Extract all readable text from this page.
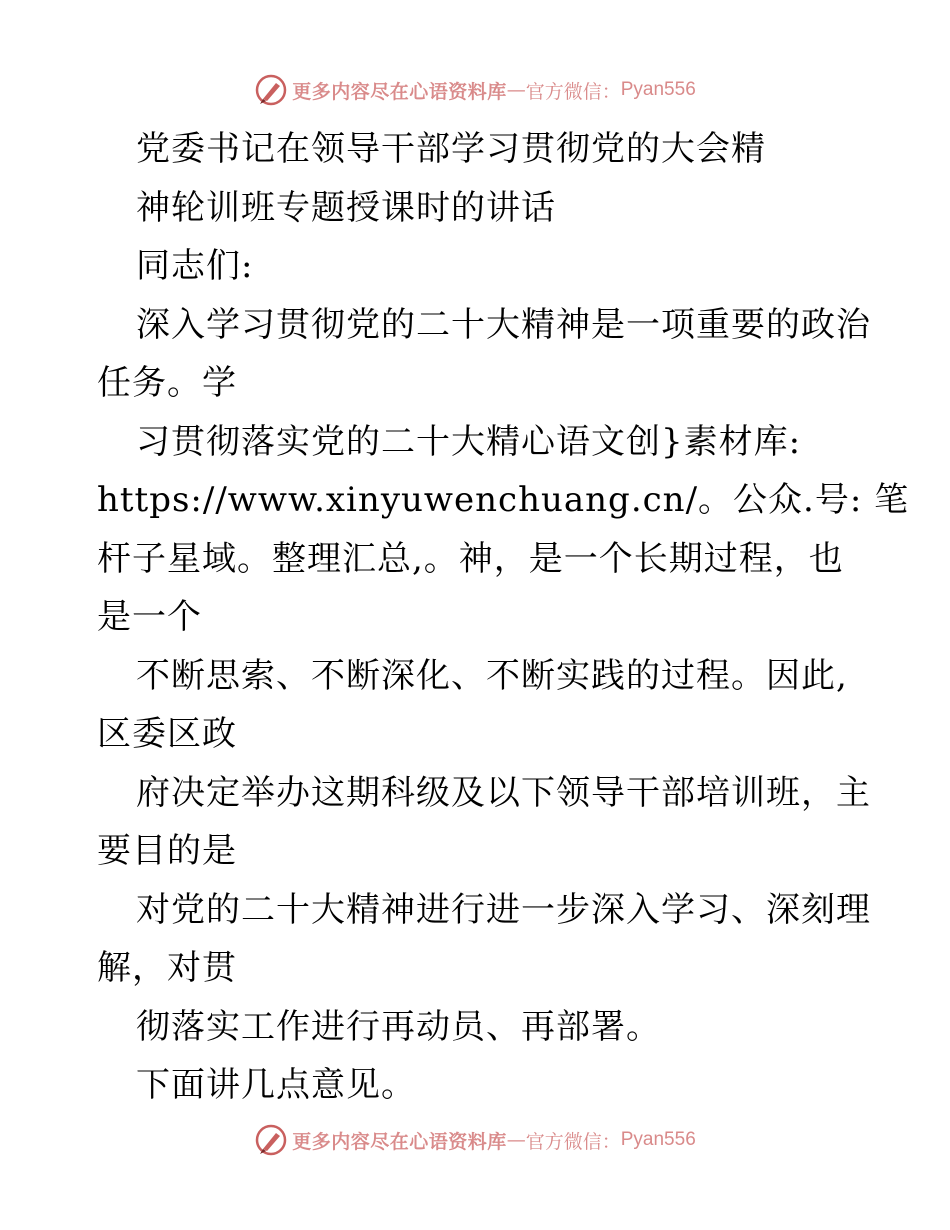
更多内容尽在心语资料库 — 官方微信： Pyan556
党委书记在领导干部学习贯彻党的大会精
神轮训班专题授课时的讲话
同志们:
深入学习贯彻党的二十大精神是一项重要的政治
任务。学
习贯彻落实党的二十大精心语文创}素材库:
https://www.xinyuwenchuang.cn/。公众.号: 笔
杆子星域。整理汇总,。神，是一个长期过程，也
是一个
不断思索、不断深化、不断实践的过程。因此,
区委区政
府决定举办这期科级及以下领导干部培训班，主
要目的是
对党的二十大精神进行进一步深入学习、深刻理
解，对贯
彻落实工作进行再动员、再部署。
下面讲几点意见。
更多内容尽在心语资料库 — 官方微信： Pyan556
